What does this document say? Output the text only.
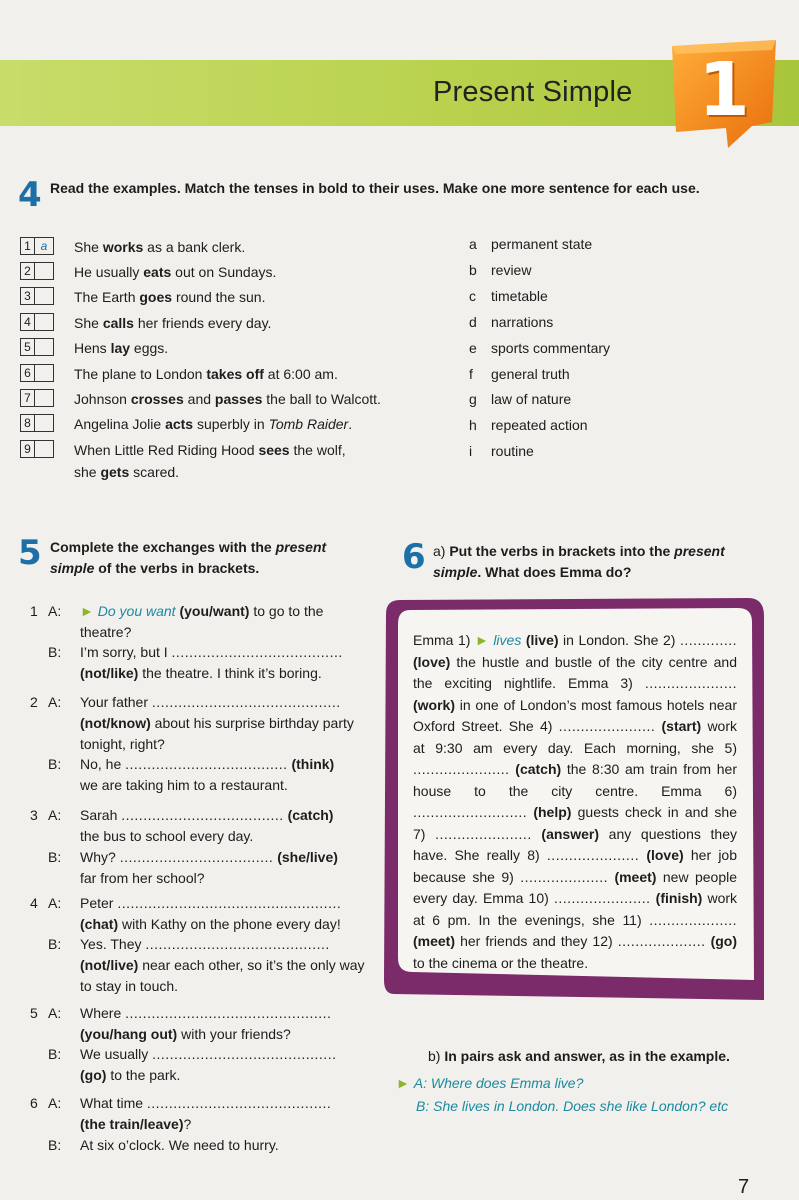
Present Simple 1
4 Read the examples. Match the tenses in bold to their uses. Make one more sentence for each use.
1 a	She works as a bank clerk.
2	He usually eats out on Sundays.
3	The Earth goes round the sun.
4	She calls her friends every day.
5	Hens lay eggs.
6	The plane to London takes off at 6:00 am.
7	Johnson crosses and passes the ball to Walcott.
8	Angelina Jolie acts superbly in Tomb Raider.
9	When Little Red Riding Hood sees the wolf,
she gets scared.
a permanent state
b review
c timetable
d narrations
e sports commentary
f general truth
g law of nature
h repeated action
i routine
5 Complete the exchanges with the present simple of the verbs in brackets.
1 A:	► Do you want (you/want) to go to the
theatre?
B:	I’m sorry, but I .......................................
(not/like) the theatre. I think it’s boring.
2 A:	Your father ...........................................
(not/know) about his surprise birthday party
tonight, right?
B:	No, he ..................................... (think)
we are taking him to a restaurant.
3 A:	Sarah ..................................... (catch)
the bus to school every day.
B:	Why? ................................... (she/live)
far from her school?
4 A:	Peter ...................................................
(chat) with Kathy on the phone every day!
B:	Yes. They ..........................................
(not/live) near each other, so it’s the only way
to stay in touch.
5 A:	Where ...............................................
(you/hang out) with your friends?
B:	We usually ..........................................
(go) to the park.
6 A:	What time ..........................................
(the train/leave)?
B:	At six o’clock. We need to hurry.
6 a) Put the verbs in brackets into the present simple. What does Emma do?
Emma 1) ► lives (live) in London. She 2) ............. (love) the hustle and bustle of the city centre and the exciting nightlife. Emma 3) ..................... (work) in one of London’s most famous hotels near Oxford Street. She 4) ...................... (start) work at 9:30 am every day. Each morning, she 5) ...................... (catch) the 8:30 am train from her house to the city centre. Emma 6) .......................... (help) guests check in and she 7) ...................... (answer) any questions they have. She really 8) ..................... (love) her job because she 9) .................... (meet) new people every day. Emma 10) ...................... (finish) work at 6 pm. In the evenings, she 11) .................... (meet) her friends and they 12) .................... (go) to the cinema or the theatre.
b) In pairs ask and answer, as in the example.
► A: Where does Emma live?
B: She lives in London. Does she like London? etc
7
